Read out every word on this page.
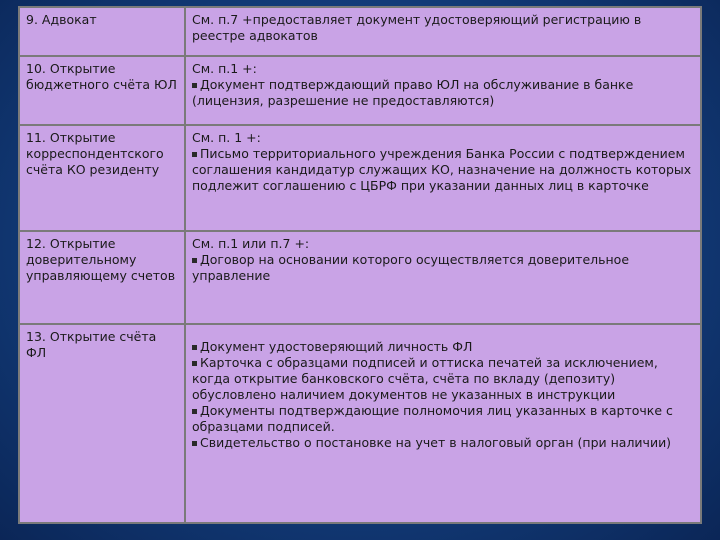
9. Адвокат	См. п.7 +предоставляет документ удостоверяющий регистрацию в реестре адвокатов

10. Открытие бюджетного счёта ЮЛ	См. п.1 +:
Документ подтверждающий право ЮЛ на обслуживание в банке (лицензия, разрешение не предоставляются)

11. Открытие корреспондентского счёта КО резиденту	См. п. 1 +:
Письмо территориального учреждения Банка России с подтверждением соглашения кандидатур служащих КО, назначение на должность которых подлежит соглашению с ЦБРФ при указании данных лиц в карточке

12. Открытие доверительному управляющему счетов	См. п.1 или п.7 +:
Договор на основании которого осуществляется доверительное управление

13. Открытие счёта ФЛ	Документ удостоверяющий личность ФЛ
Карточка с образцами подписей и оттиска печатей за исключением, когда открытие банковского счёта, счёта по вкладу (депозиту) обусловлено наличием документов не указанных в инструкции
Документы подтверждающие полномочия лиц указанных в карточке с образцами подписей.
Свидетельство о постановке на учет в налоговый орган (при наличии)
